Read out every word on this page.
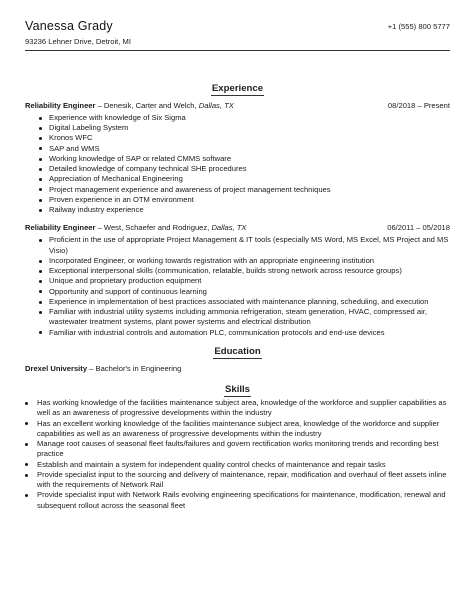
Vanessa Grady	+1 (555) 800 5777
93236 Lehner Drive, Detroit, MI
Experience
Reliability Engineer – Denesik, Carter and Welch, Dallas, TX	08/2018 – Present
Experience with knowledge of Six Sigma
Digital Labeling System
Kronos WFC
SAP and WMS
Working knowledge of SAP or related CMMS software
Detailed knowledge of company technical SHE procedures
Appreciation of Mechanical Engineering
Project management experience and awareness of project management techniques
Proven experience in an OTM environment
Railway industry experience
Reliability Engineer – West, Schaefer and Rodriguez, Dallas, TX	06/2011 – 05/2018
Proficient in the use of appropriate Project Management & IT tools (especially MS Word, MS Excel, MS Project and MS Visio)
Incorporated Engineer, or working towards registration with an appropriate engineering institution
Exceptional interpersonal skills (communication, relatable, builds strong network across resource groups)
Unique and proprietary production equipment
Opportunity and support of continuous learning
Experience in implementation of best practices associated with maintenance planning, scheduling, and execution
Familiar with industrial utility systems including ammonia refrigeration, steam generation, HVAC, compressed air, wastewater treatment systems, plant power systems and electrical distribution
Familiar with industrial controls and automation PLC, communication protocols and end-use devices
Education
Drexel University – Bachelor's in Engineering
Skills
Has working knowledge of the facilities maintenance subject area, knowledge of the workforce and supplier capabilities as well as an awareness of progressive developments within the industry
Has an excellent working knowledge of the facilities maintenance subject area, knowledge of the workforce and supplier capabilities as well as an awareness of progressive developments within the industry
Manage root causes of seasonal fleet faults/failures and govern rectification works monitoring trends and recording best practice
Establish and maintain a system for independent quality control checks of maintenance and repair tasks
Provide specialist input to the sourcing and delivery of maintenance, repair, modification and overhaul of fleet assets inline with the requirements of Network Rail
Provide specialist input with Network Rails evolving engineering specifications for maintenance, modification, renewal and subsequent rollout across the seasonal fleet
